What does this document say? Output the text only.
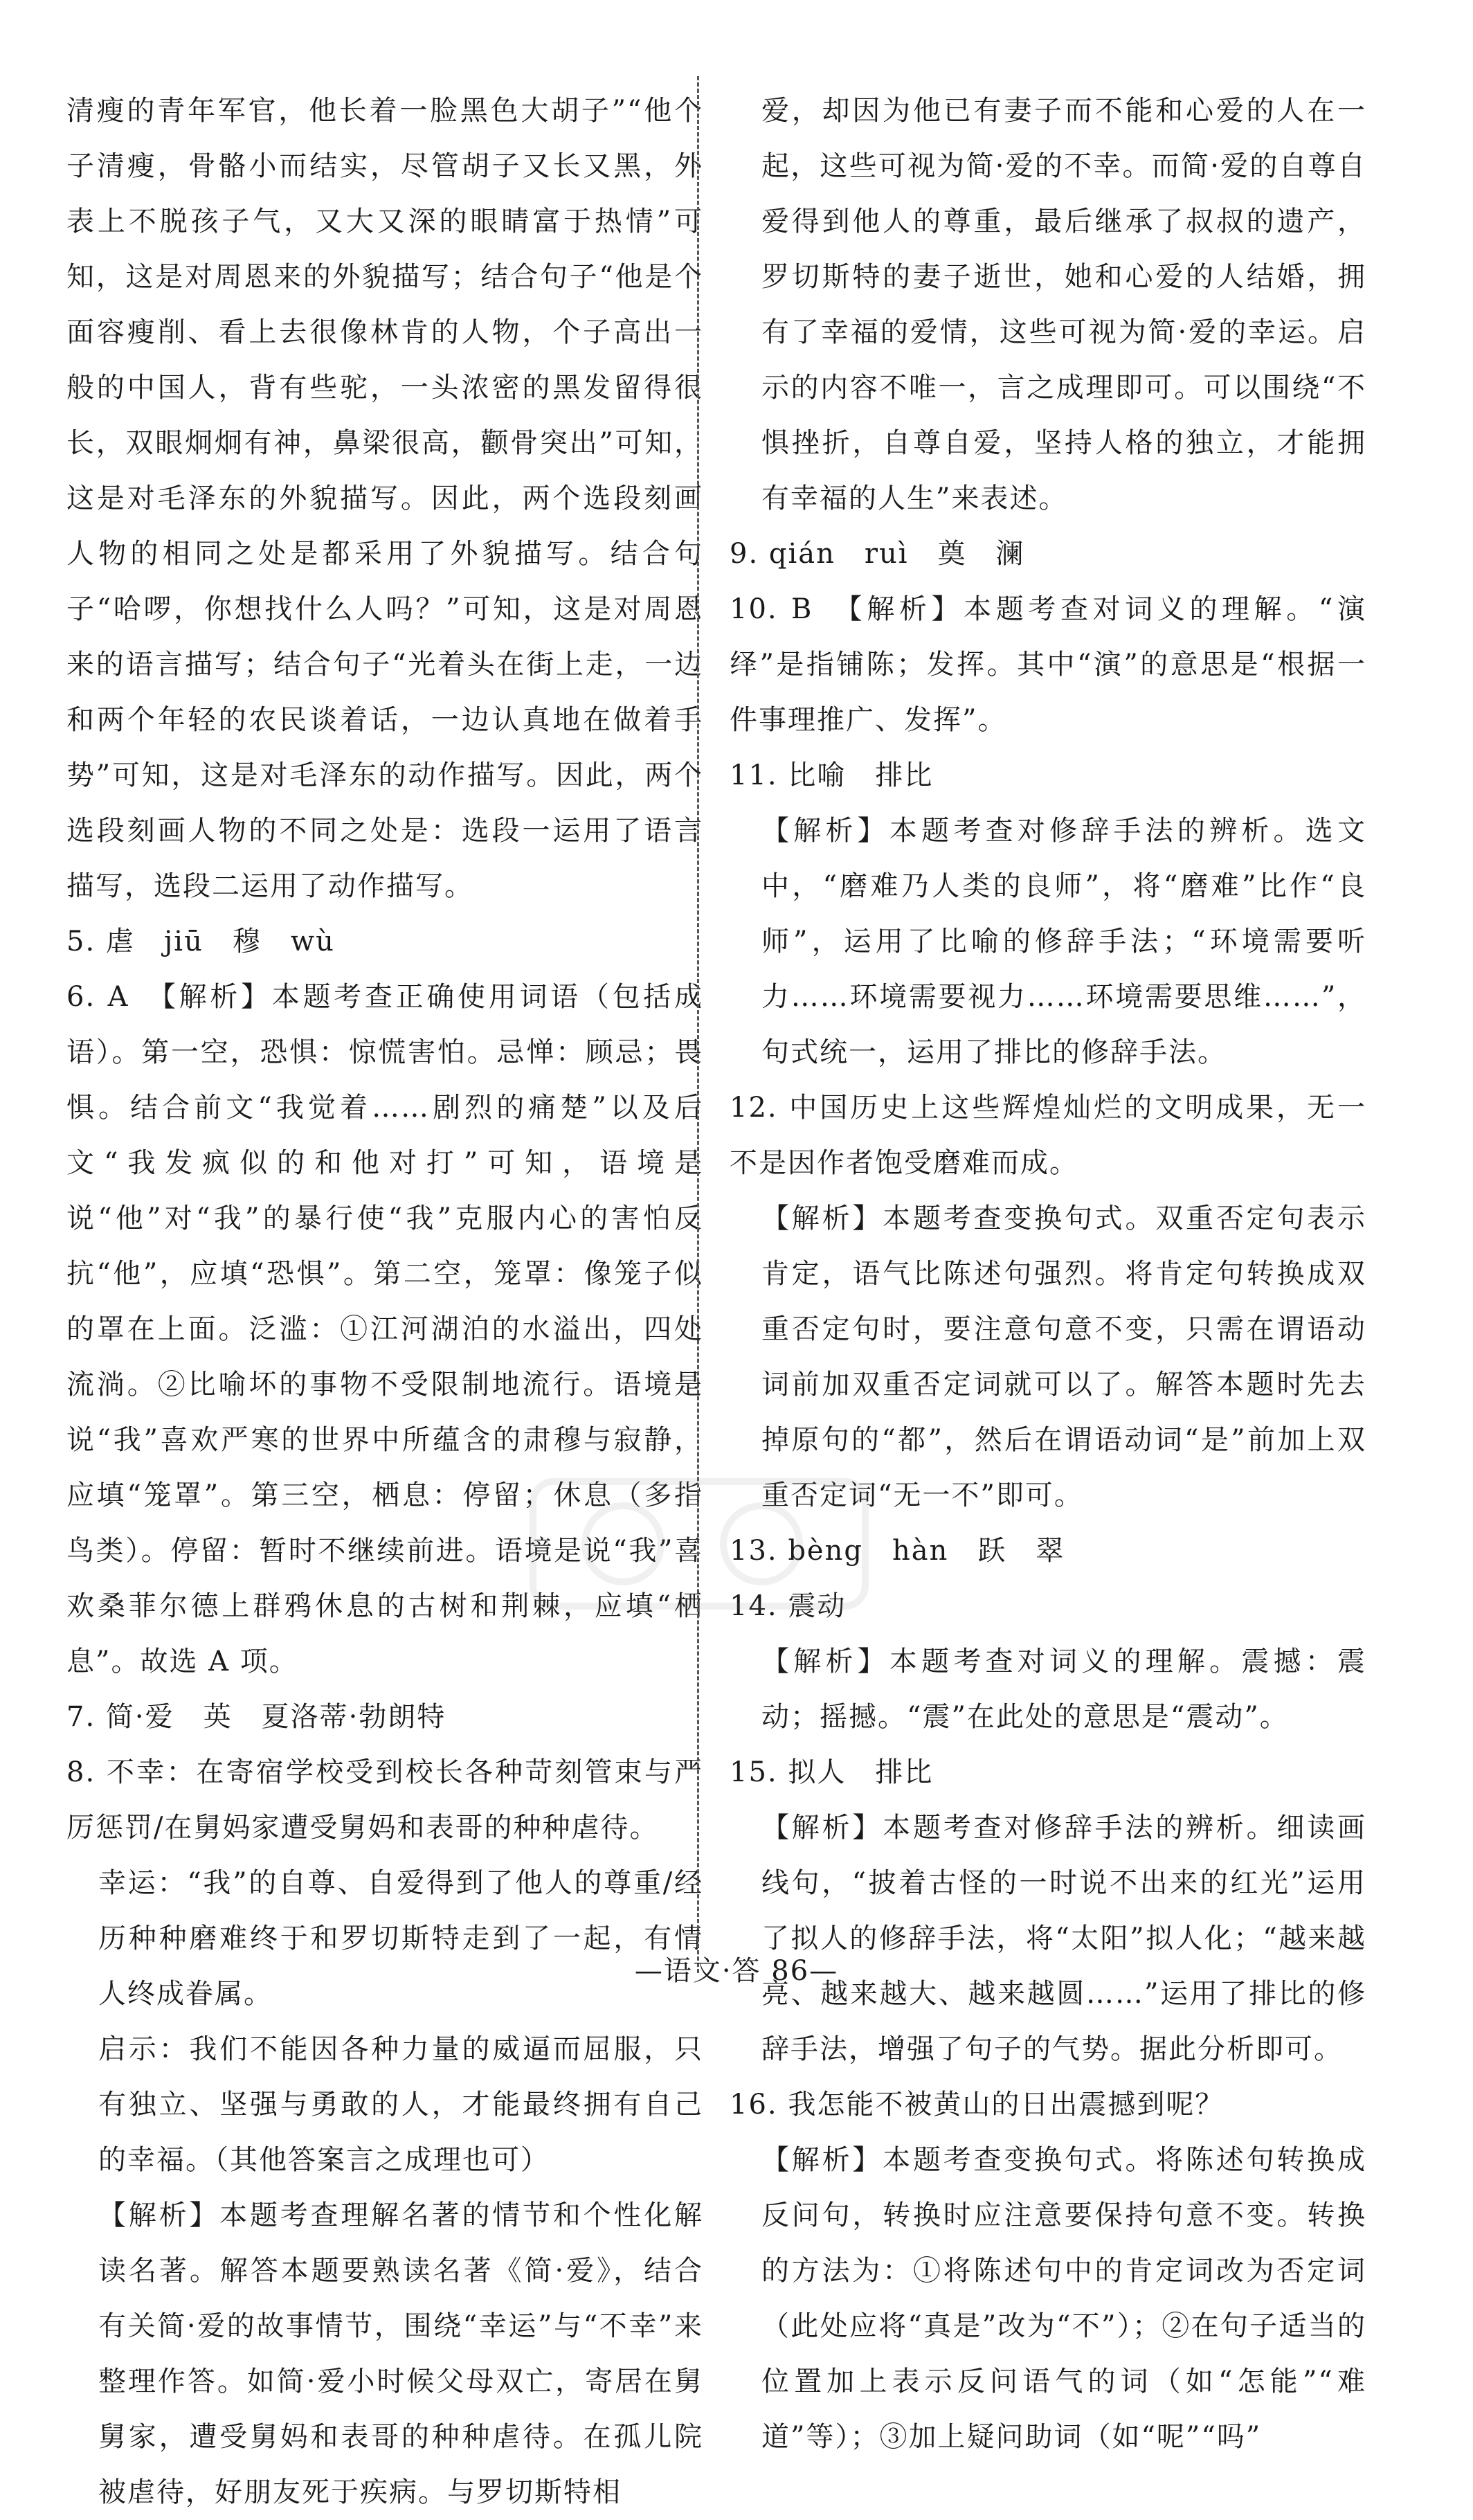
清瘦的青年军官，他长着一脸黑色大胡子”“他个子清瘦，骨骼小而结实，尽管胡子又长又黑，外表上不脱孩子气，又大又深的眼睛富于热情”可知，这是对周恩来的外貌描写；结合句子“他是个面容瘦削、看上去很像林肯的人物，个子高出一般的中国人，背有些驼，一头浓密的黑发留得很长，双眼炯炯有神，鼻梁很高，颧骨突出”可知，这是对毛泽东的外貌描写。因此，两个选段刻画人物的相同之处是都采用了外貌描写。结合句子“哈啰，你想找什么人吗？”可知，这是对周恩来的语言描写；结合句子“光着头在街上走，一边和两个年轻的农民谈着话，一边认真地在做着手势”可知，这是对毛泽东的动作描写。因此，两个选段刻画人物的不同之处是：选段一运用了语言描写，选段二运用了动作描写。

5. 虐　jiū　穆　wù

6. A　【解析】本题考查正确使用词语（包括成语）。第一空，恐惧：惊慌害怕。忌惮：顾忌；畏惧。结合前文“我觉着……剧烈的痛楚”以及后文“我发疯似的和他对打”可知，语境是说“他”对“我”的暴行使“我”克服内心的害怕反抗“他”，应填“恐惧”。第二空，笼罩：像笼子似的罩在上面。泛滥：①江河湖泊的水溢出，四处流淌。②比喻坏的事物不受限制地流行。语境是说“我”喜欢严寒的世界中所蕴含的肃穆与寂静，应填“笼罩”。第三空，栖息：停留；休息（多指鸟类）。停留：暂时不继续前进。语境是说“我”喜欢桑菲尔德上群鸦休息的古树和荆棘，应填“栖息”。故选 A 项。

7. 简·爱　英　夏洛蒂·勃朗特

8. 不幸：在寄宿学校受到校长各种苛刻管束与严厉惩罚/在舅妈家遭受舅妈和表哥的种种虐待。

幸运：“我”的自尊、自爱得到了他人的尊重/经历种种磨难终于和罗切斯特走到了一起，有情人终成眷属。

启示：我们不能因各种力量的威逼而屈服，只有独立、坚强与勇敢的人，才能最终拥有自己的幸福。（其他答案言之成理也可）

【解析】本题考查理解名著的情节和个性化解读名著。解答本题要熟读名著《简·爱》，结合有关简·爱的故事情节，围绕“幸运”与“不幸”来整理作答。如简·爱小时候父母双亡，寄居在舅舅家，遭受舅妈和表哥的种种虐待。在孤儿院被虐待，好朋友死于疾病。与罗切斯特相

爱，却因为他已有妻子而不能和心爱的人在一起，这些可视为简·爱的不幸。而简·爱的自尊自爱得到他人的尊重，最后继承了叔叔的遗产，罗切斯特的妻子逝世，她和心爱的人结婚，拥有了幸福的爱情，这些可视为简·爱的幸运。启示的内容不唯一，言之成理即可。可以围绕“不惧挫折，自尊自爱，坚持人格的独立，才能拥有幸福的人生”来表述。

9. qián　ruì　奠　澜

10. B　【解析】本题考查对词义的理解。“演绎”是指铺陈；发挥。其中“演”的意思是“根据一件事理推广、发挥”。

11. 比喻　排比

【解析】本题考查对修辞手法的辨析。选文中，“磨难乃人类的良师”，将“磨难”比作“良师”，运用了比喻的修辞手法；“环境需要听力……环境需要视力……环境需要思维……”，句式统一，运用了排比的修辞手法。

12. 中国历史上这些辉煌灿烂的文明成果，无一不是因作者饱受磨难而成。

【解析】本题考查变换句式。双重否定句表示肯定，语气比陈述句强烈。将肯定句转换成双重否定句时，要注意句意不变，只需在谓语动词前加双重否定词就可以了。解答本题时先去掉原句的“都”，然后在谓语动词“是”前加上双重否定词“无一不”即可。

13. bèng　hàn　跃　翠

14. 震动

【解析】本题考查对词义的理解。震撼：震动；摇撼。“震”在此处的意思是“震动”。

15. 拟人　排比

【解析】本题考查对修辞手法的辨析。细读画线句，“披着古怪的一时说不出来的红光”运用了拟人的修辞手法，将“太阳”拟人化；“越来越亮、越来越大、越来越圆……”运用了排比的修辞手法，增强了句子的气势。据此分析即可。

16. 我怎能不被黄山的日出震撼到呢？

【解析】本题考查变换句式。将陈述句转换成反问句，转换时应注意要保持句意不变。转换的方法为：①将陈述句中的肯定词改为否定词（此处应将“真是”改为“不”）；②在句子适当的位置加上表示反问语气的词（如“怎能”“难道”等）；③加上疑问助词（如“呢”“吗”

—语文·答 86—
